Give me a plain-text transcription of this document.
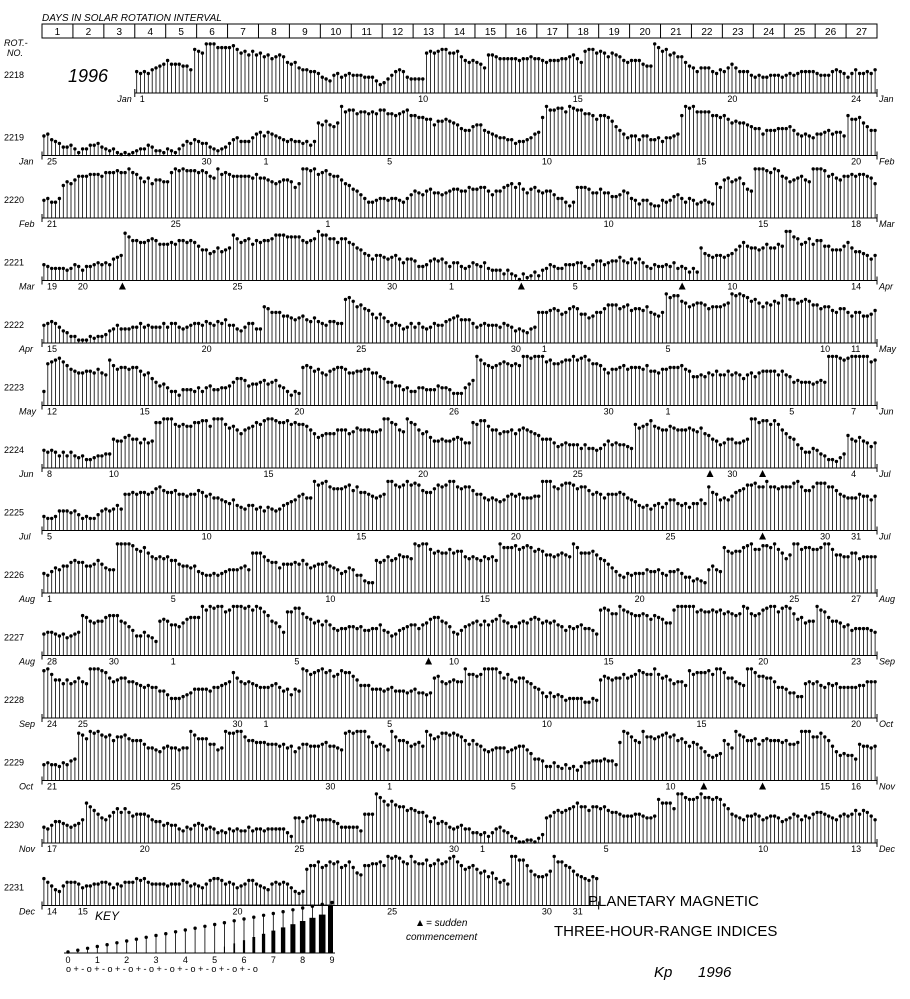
DAYS IN SOLAR ROTATION INTERVAL
1	2	3	4	5	6	7	8	9 10 11 12 13 14 15 16 17 18 19 20 21 22 23 24 25 26 27
ROT.-
NO.
1996
2218
Jan	Jan
1	5	10	15	20	24
2219
Jan	Feb
25	30	1	5	10	15	20
2220
Feb	Mar
21	25	1	10	15	18
2221
Mar	Apr
19 20	25	30	1	5	10	14
2222
Apr	May
15	20	25	30 1	5	10 11
2223
May	Jun
12	15	20	26	30	1	5	7
2224
Jun	Jul
8	10	15	20	25	30	4
2225
Jul	Jul
5	10	15	20	25	30 31
2226
Aug	Aug
1	5	10	15	20	25	27
2227
Aug	Sep
28	30	1	5	10	15	20	23
2228
Sep	Oct
24 25	30 1	5	10	15	20
2229
Oct	Nov
21	25	30	1	5	10	15 16
2230
Nov	Dec
17	20	25	30 1	5	10	13
2231
Dec 14 15	20	25	30 31
KEY
0	1	2	3	4	5	6	7	8	9
o + - o + - o + - o + - o + - o + - o + - o + - o + - o
= sudden
commencement
PLANETARY MAGNETIC
THREE-HOUR-RANGE INDICES
Kp 1996
